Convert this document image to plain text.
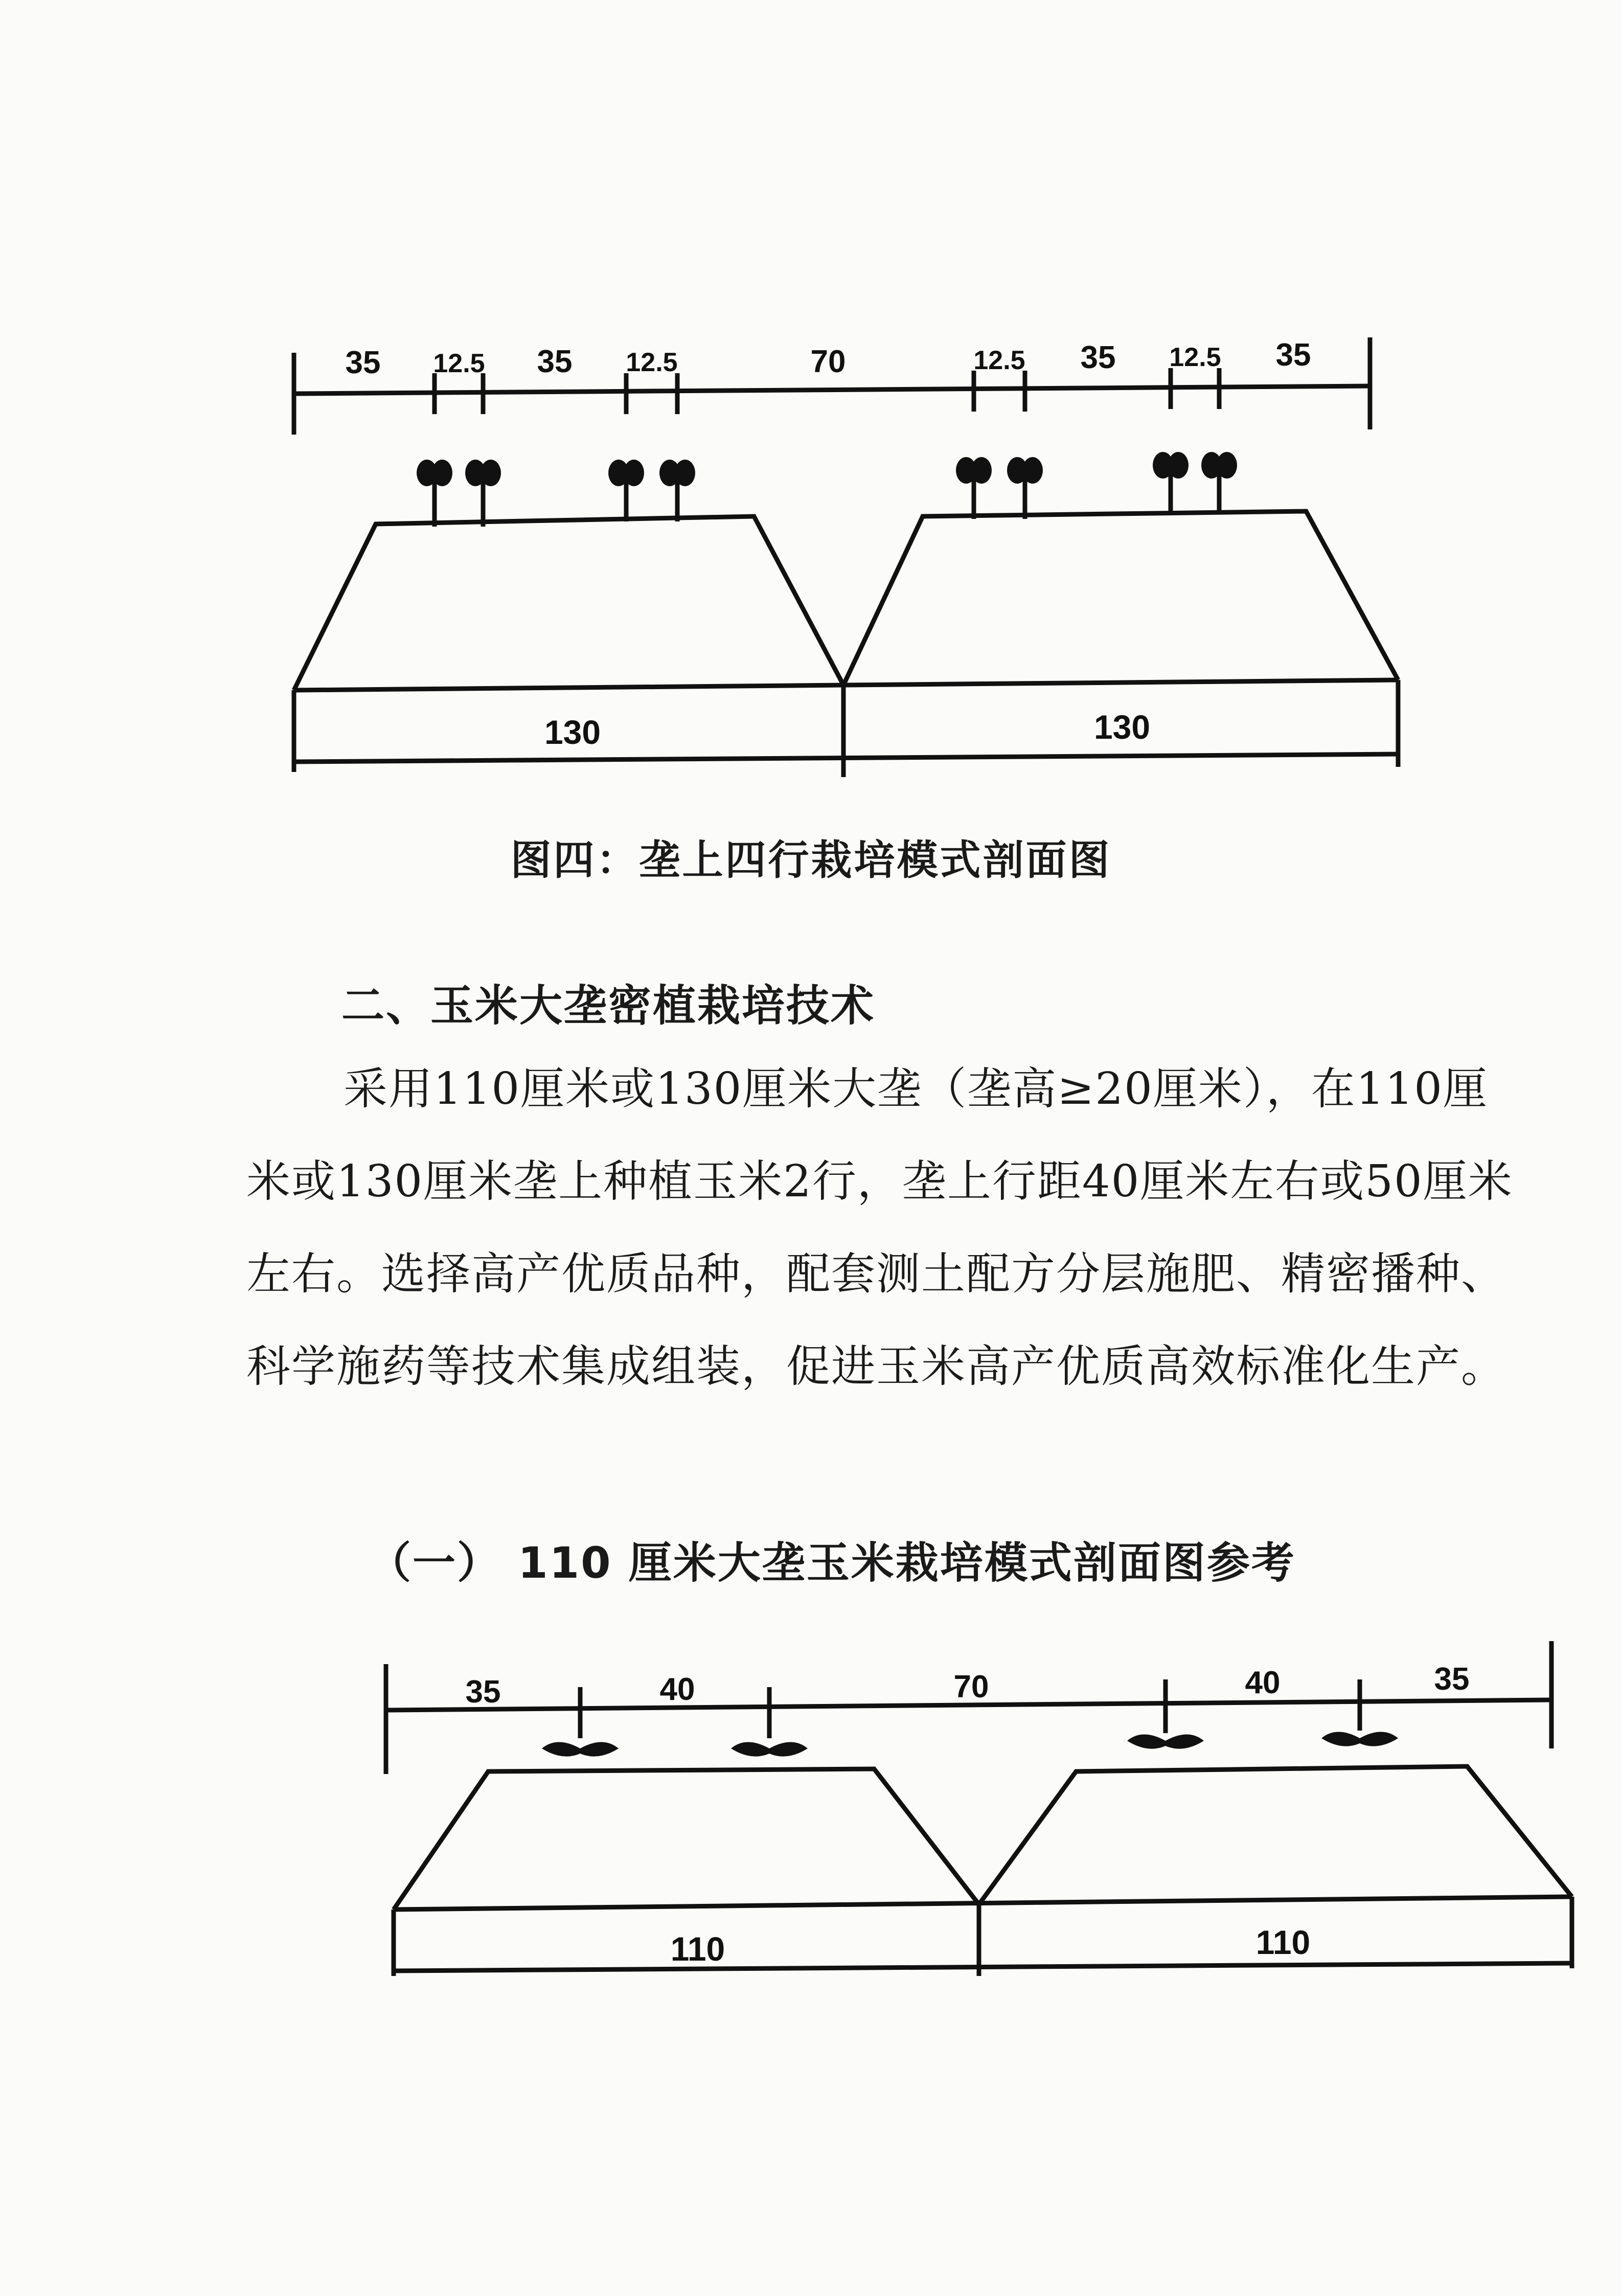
35 12.5 35 12.5	70	12.5 35 12.5 35
130	130
图四：垄上四行栽培模式剖面图
二、玉米大垄密植栽培技术

采用110厘米或130厘米大垄（垄高≥20厘米），在110厘米或130厘米垄上种植玉米2行，垄上行距40厘米左右或50厘米左右。选择高产优质品种，配套测土配方分层施肥、精密播种、科学施药等技术集成组装，促进玉米高产优质高效标准化生产。

（一） 110 厘米大垄玉米栽培模式剖面图参考
35	40	70	40	35
110	110
